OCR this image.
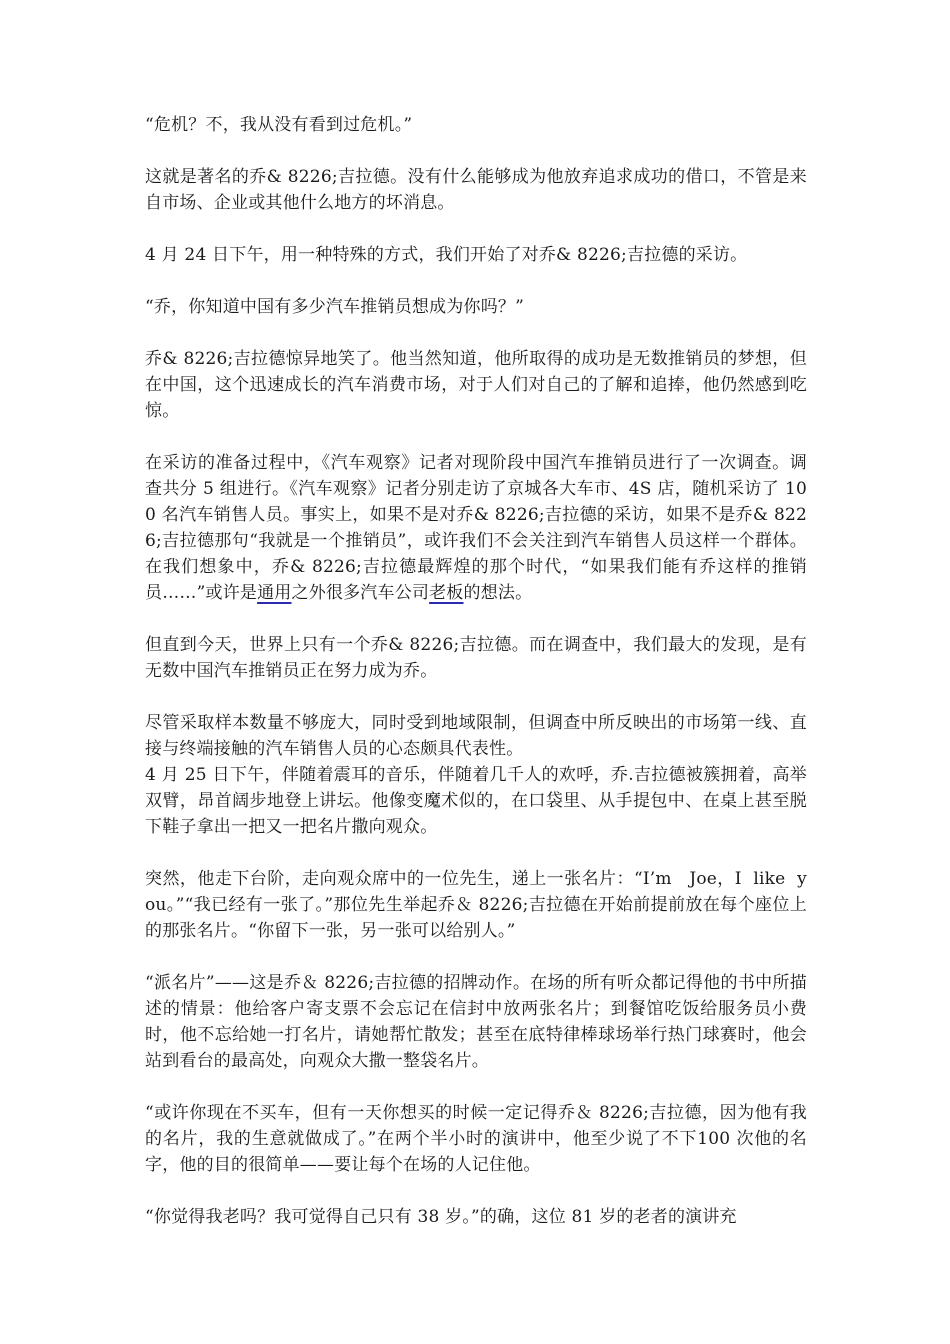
“危机？不，我从没有看到过危机。”

这就是著名的乔& 8226;吉拉德。没有什么能够成为他放弃追求成功的借口，不管是来自市场、企业或其他什么地方的坏消息。

4 月 24 日下午，用一种特殊的方式，我们开始了对乔& 8226;吉拉德的采访。

“乔，你知道中国有多少汽车推销员想成为你吗？”

乔& 8226;吉拉德惊异地笑了。他当然知道，他所取得的成功是无数推销员的梦想，但在中国，这个迅速成长的汽车消费市场，对于人们对自己的了解和追捧，他仍然感到吃惊。

在采访的准备过程中，《汽车观察》记者对现阶段中国汽车推销员进行了一次调查。调查共分 5 组进行。《汽车观察》记者分别走访了京城各大车市、4S 店，随机采访了 100 名汽车销售人员。事实上，如果不是对乔& 8226;吉拉德的采访，如果不是乔& 8226;吉拉德那句“我就是一个推销员”，或许我们不会关注到汽车销售人员这样一个群体。在我们想象中，乔& 8226;吉拉德最辉煌的那个时代，“如果我们能有乔这样的推销员……”或许是通用之外很多汽车公司老板的想法。

但直到今天，世界上只有一个乔& 8226;吉拉德。而在调查中，我们最大的发现，是有无数中国汽车推销员正在努力成为乔。

尽管采取样本数量不够庞大，同时受到地域限制，但调查中所反映出的市场第一线、直接与终端接触的汽车销售人员的心态颇具代表性。

4 月 25 日下午，伴随着震耳的音乐，伴随着几千人的欢呼，乔.吉拉德被簇拥着，高举双臂，昂首阔步地登上讲坛。他像变魔术似的，在口袋里、从手提包中、在桌上甚至脱下鞋子拿出一把又一把名片撒向观众。

突然，他走下台阶，走向观众席中的一位先生，递上一张名片：“I’m   Joe，I  like  you。”“我已经有一张了。”那位先生举起乔＆ 8226;吉拉德在开始前提前放在每个座位上的那张名片。“你留下一张，另一张可以给别人。”

“派名片”——这是乔＆ 8226;吉拉德的招牌动作。在场的所有听众都记得他的书中所描述的情景：他给客户寄支票不会忘记在信封中放两张名片；到餐馆吃饭给服务员小费时，他不忘给她一打名片，请她帮忙散发；甚至在底特律棒球场举行热门球赛时，他会站到看台的最高处，向观众大撒一整袋名片。

“或许你现在不买车，但有一天你想买的时候一定记得乔＆ 8226;吉拉德，因为他有我的名片，我的生意就做成了。”在两个半小时的演讲中，他至少说了不下100 次他的名字，他的目的很简单——要让每个在场的人记住他。

“你觉得我老吗？我可觉得自己只有 38 岁。”的确，这位 81 岁的老者的演讲充
